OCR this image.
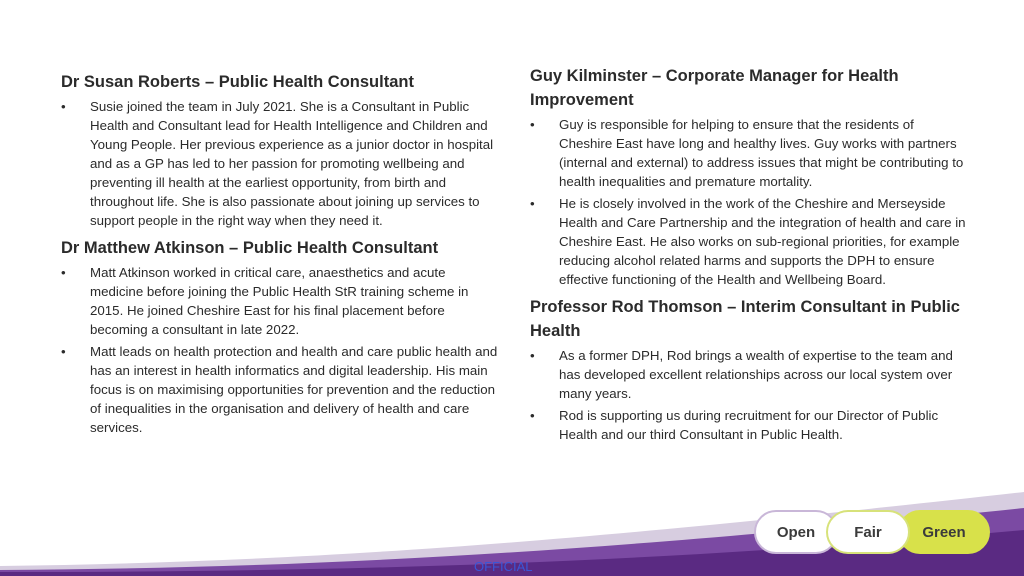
Dr Susan Roberts – Public Health Consultant
• Susie joined the team in July 2021. She is a Consultant in Public Health and Consultant lead for Health Intelligence and Children and Young People. Her previous experience as a junior doctor in hospital and as a GP has led to her passion for promoting wellbeing and preventing ill health at the earliest opportunity, from birth and throughout life. She is also passionate about joining up services to support people in the right way when they need it.
Dr Matthew Atkinson – Public Health Consultant
• Matt Atkinson worked in critical care, anaesthetics and acute medicine before joining the Public Health StR training scheme in 2015. He joined Cheshire East for his final placement before becoming a consultant in late 2022.
• Matt leads on health protection and health and care public health and has an interest in health informatics and digital leadership. His main focus is on maximising opportunities for prevention and the reduction of inequalities in the organisation and delivery of health and care services.
Guy Kilminster – Corporate Manager for Health Improvement
• Guy is responsible for helping to ensure that the residents of Cheshire East have long and healthy lives. Guy works with partners (internal and external) to address issues that might be contributing to health inequalities and premature mortality.
• He is closely involved in the work of the Cheshire and Merseyside Health and Care Partnership and the integration of health and care in Cheshire East. He also works on sub-regional priorities, for example reducing alcohol related harms and supports the DPH to ensure effective functioning of the Health and Wellbeing Board.
Professor Rod Thomson – Interim Consultant in Public Health
• As a former DPH, Rod brings a wealth of expertise to the team and has developed excellent relationships across our local system over many years.
• Rod is supporting us during recruitment for our Director of Public Health and our third Consultant in Public Health.
Open	Green
Fair
OFFICIAL
